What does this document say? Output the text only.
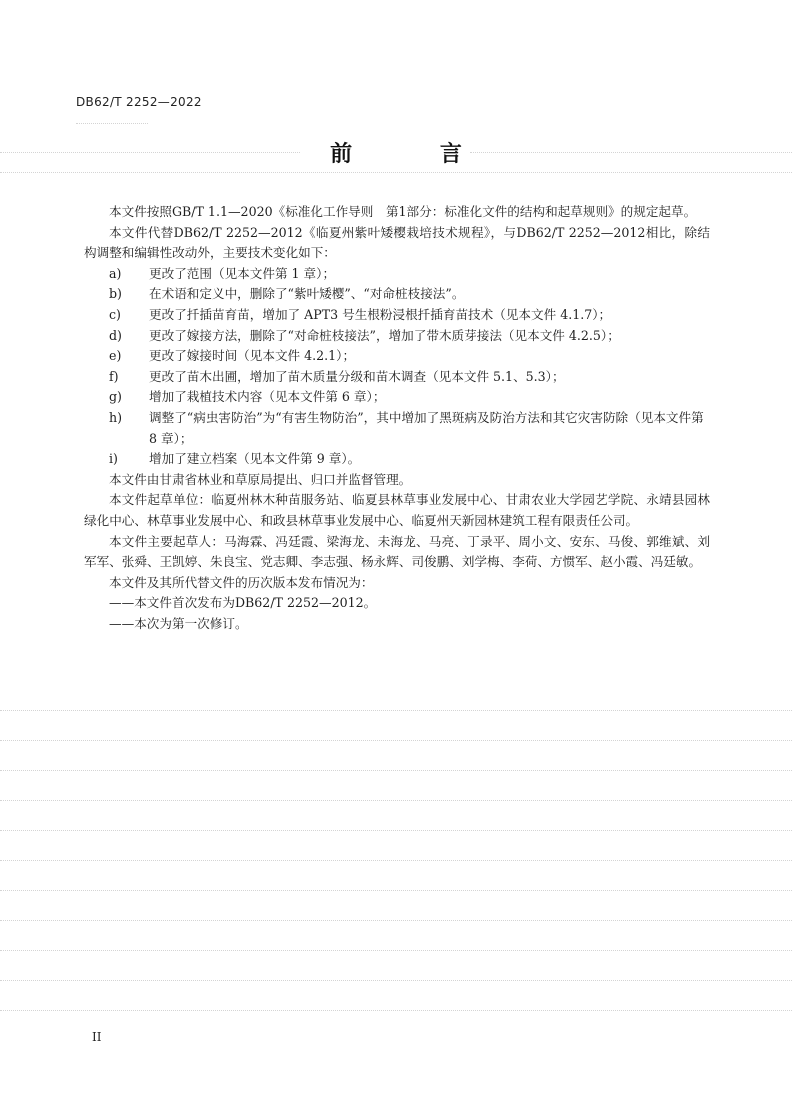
DB62/T 2252—2022
前 言

本文件按照GB/T 1.1—2020《标准化工作导则　第1部分：标准化文件的结构和起草规则》的规定起草。

本文件代替DB62/T 2252—2012《临夏州紫叶矮樱栽培技术规程》，与DB62/T 2252—2012相比，除结构调整和编辑性改动外，主要技术变化如下：

a)	更改了范围（见本文件第 1 章）；
b)	在术语和定义中，删除了“紫叶矮樱”、“对命桩枝接法”。
c)	更改了扦插苗育苗，增加了 APT3 号生根粉浸根扦插育苗技术（见本文件 4.1.7）；
d)	更改了嫁接方法，删除了“对命桩枝接法”，增加了带木质芽接法（见本文件 4.2.5）；
e)	更改了嫁接时间（见本文件 4.2.1）；
f)	更改了苗木出圃，增加了苗木质量分级和苗木调查（见本文件 5.1、5.3）；
g)	增加了栽植技术内容（见本文件第 6 章）；
h)	调整了“病虫害防治”为“有害生物防治”，其中增加了黑斑病及防治方法和其它灾害防除（见本文件第 8 章）；
i)	增加了建立档案（见本文件第 9 章）。

本文件由甘肃省林业和草原局提出、归口并监督管理。

本文件起草单位：临夏州林木种苗服务站、临夏县林草事业发展中心、甘肃农业大学园艺学院、永靖县园林绿化中心、林草事业发展中心、和政县林草事业发展中心、临夏州天新园林建筑工程有限责任公司。

本文件主要起草人：马海霖、冯廷霞、梁海龙、未海龙、马亮、丁录平、周小文、安东、马俊、郭维斌、刘军军、张舜、王凯婷、朱良宝、党志卿、李志强、杨永辉、司俊鹏、刘学梅、李荷、方惯军、赵小霞、冯廷敏。

本文件及其所代替文件的历次版本发布情况为：

——本文件首次发布为DB62/T 2252—2012。

——本次为第一次修订。

II
